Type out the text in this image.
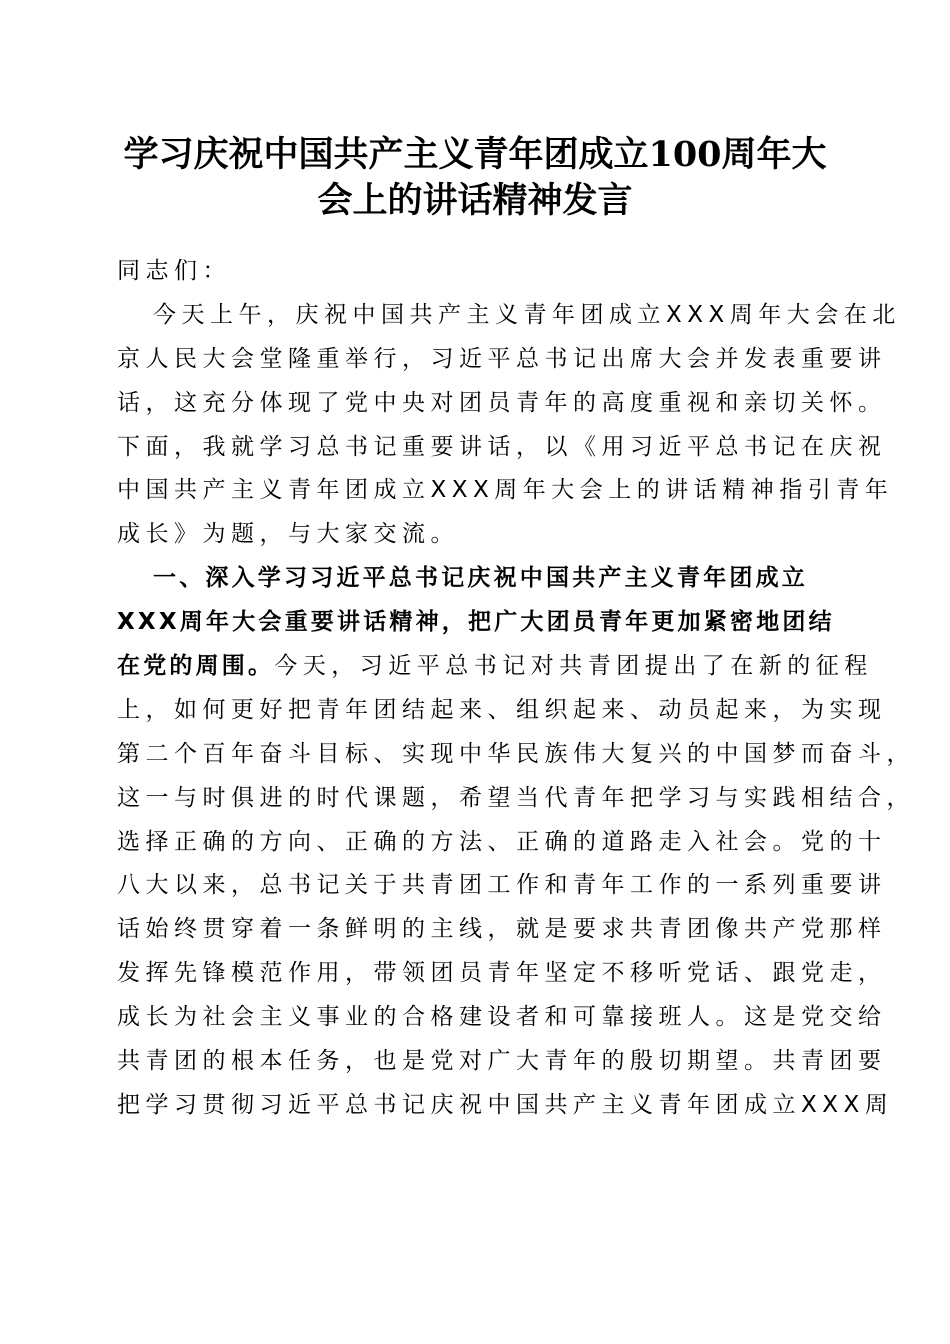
学习庆祝中国共产主义青年团成立100周年大
会上的讲话精神发言
同志们：
今天上午，庆祝中国共产主义青年团成立XXX周年大会在北
京人民大会堂隆重举行，习近平总书记出席大会并发表重要讲
话，这充分体现了党中央对团员青年的高度重视和亲切关怀。
下面，我就学习总书记重要讲话，以《用习近平总书记在庆祝
中国共产主义青年团成立XXX周年大会上的讲话精神指引青年
成长》为题，与大家交流。
一、深入学习习近平总书记庆祝中国共产主义青年团成立
XXX周年大会重要讲话精神，把广大团员青年更加紧密地团结
在党的周围。今天，习近平总书记对共青团提出了在新的征程
上，如何更好把青年团结起来、组织起来、动员起来，为实现
第二个百年奋斗目标、实现中华民族伟大复兴的中国梦而奋斗，
这一与时俱进的时代课题，希望当代青年把学习与实践相结合，
选择正确的方向、正确的方法、正确的道路走入社会。党的十
八大以来，总书记关于共青团工作和青年工作的一系列重要讲
话始终贯穿着一条鲜明的主线，就是要求共青团像共产党那样
发挥先锋模范作用，带领团员青年坚定不移听党话、跟党走，
成长为社会主义事业的合格建设者和可靠接班人。这是党交给
共青团的根本任务，也是党对广大青年的殷切期望。共青团要
把学习贯彻习近平总书记庆祝中国共产主义青年团成立XXX周
